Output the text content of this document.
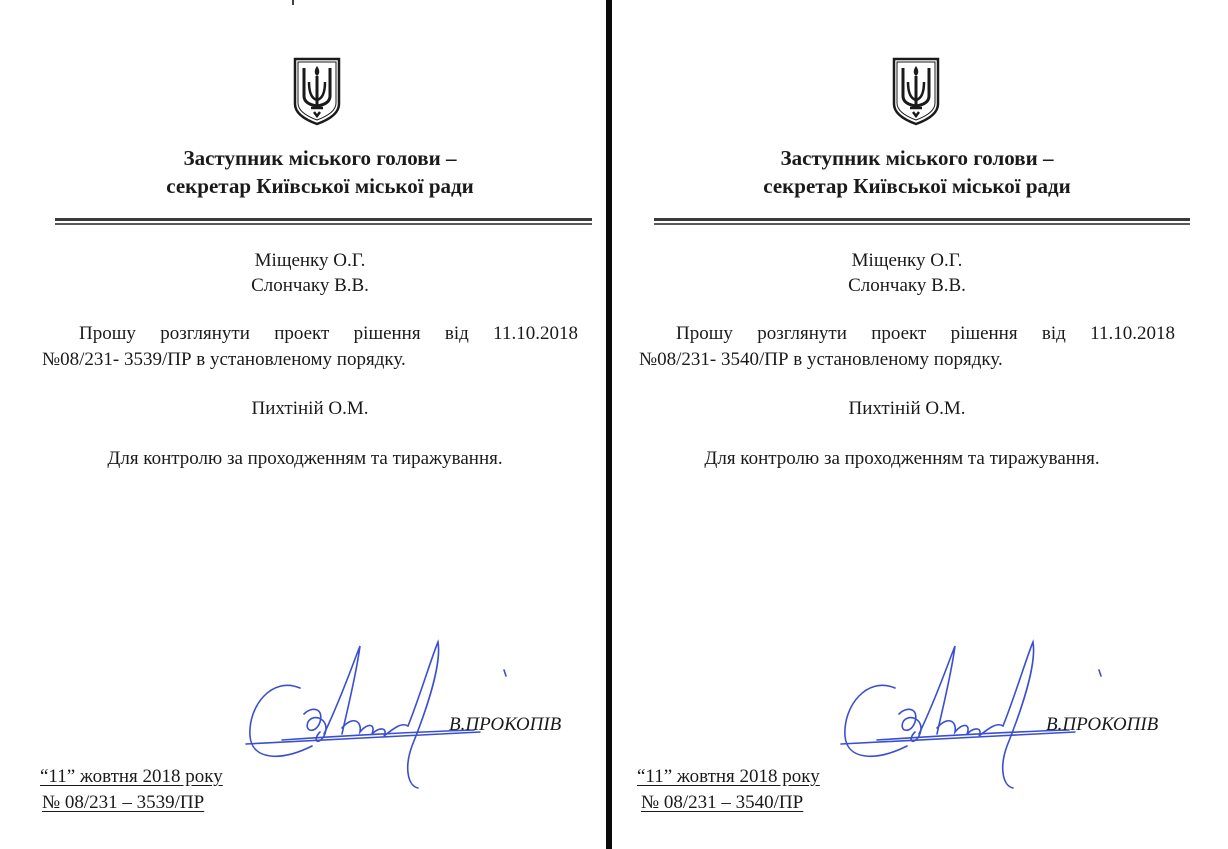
Заступник міського голови –
секретар Київської міської ради
Міщенку О.Г.
Слончаку В.В.
Прошу розглянути проект рішення від 11.10.2018
№08/231- 3539/ПР в установленому порядку.
Пихтіній О.М.
Для контролю за проходженням та тиражування.
В.ПРОКОПІВ
“11” жовтня 2018 року
№ 08/231 – 3539/ПР
Заступник міського голови –
секретар Київської міської ради
Міщенку О.Г.
Слончаку В.В.
Прошу розглянути проект рішення від 11.10.2018
№08/231- 3540/ПР в установленому порядку.
Пихтіній О.М.
Для контролю за проходженням та тиражування.
В.ПРОКОПІВ
“11” жовтня 2018 року
№ 08/231 – 3540/ПР
